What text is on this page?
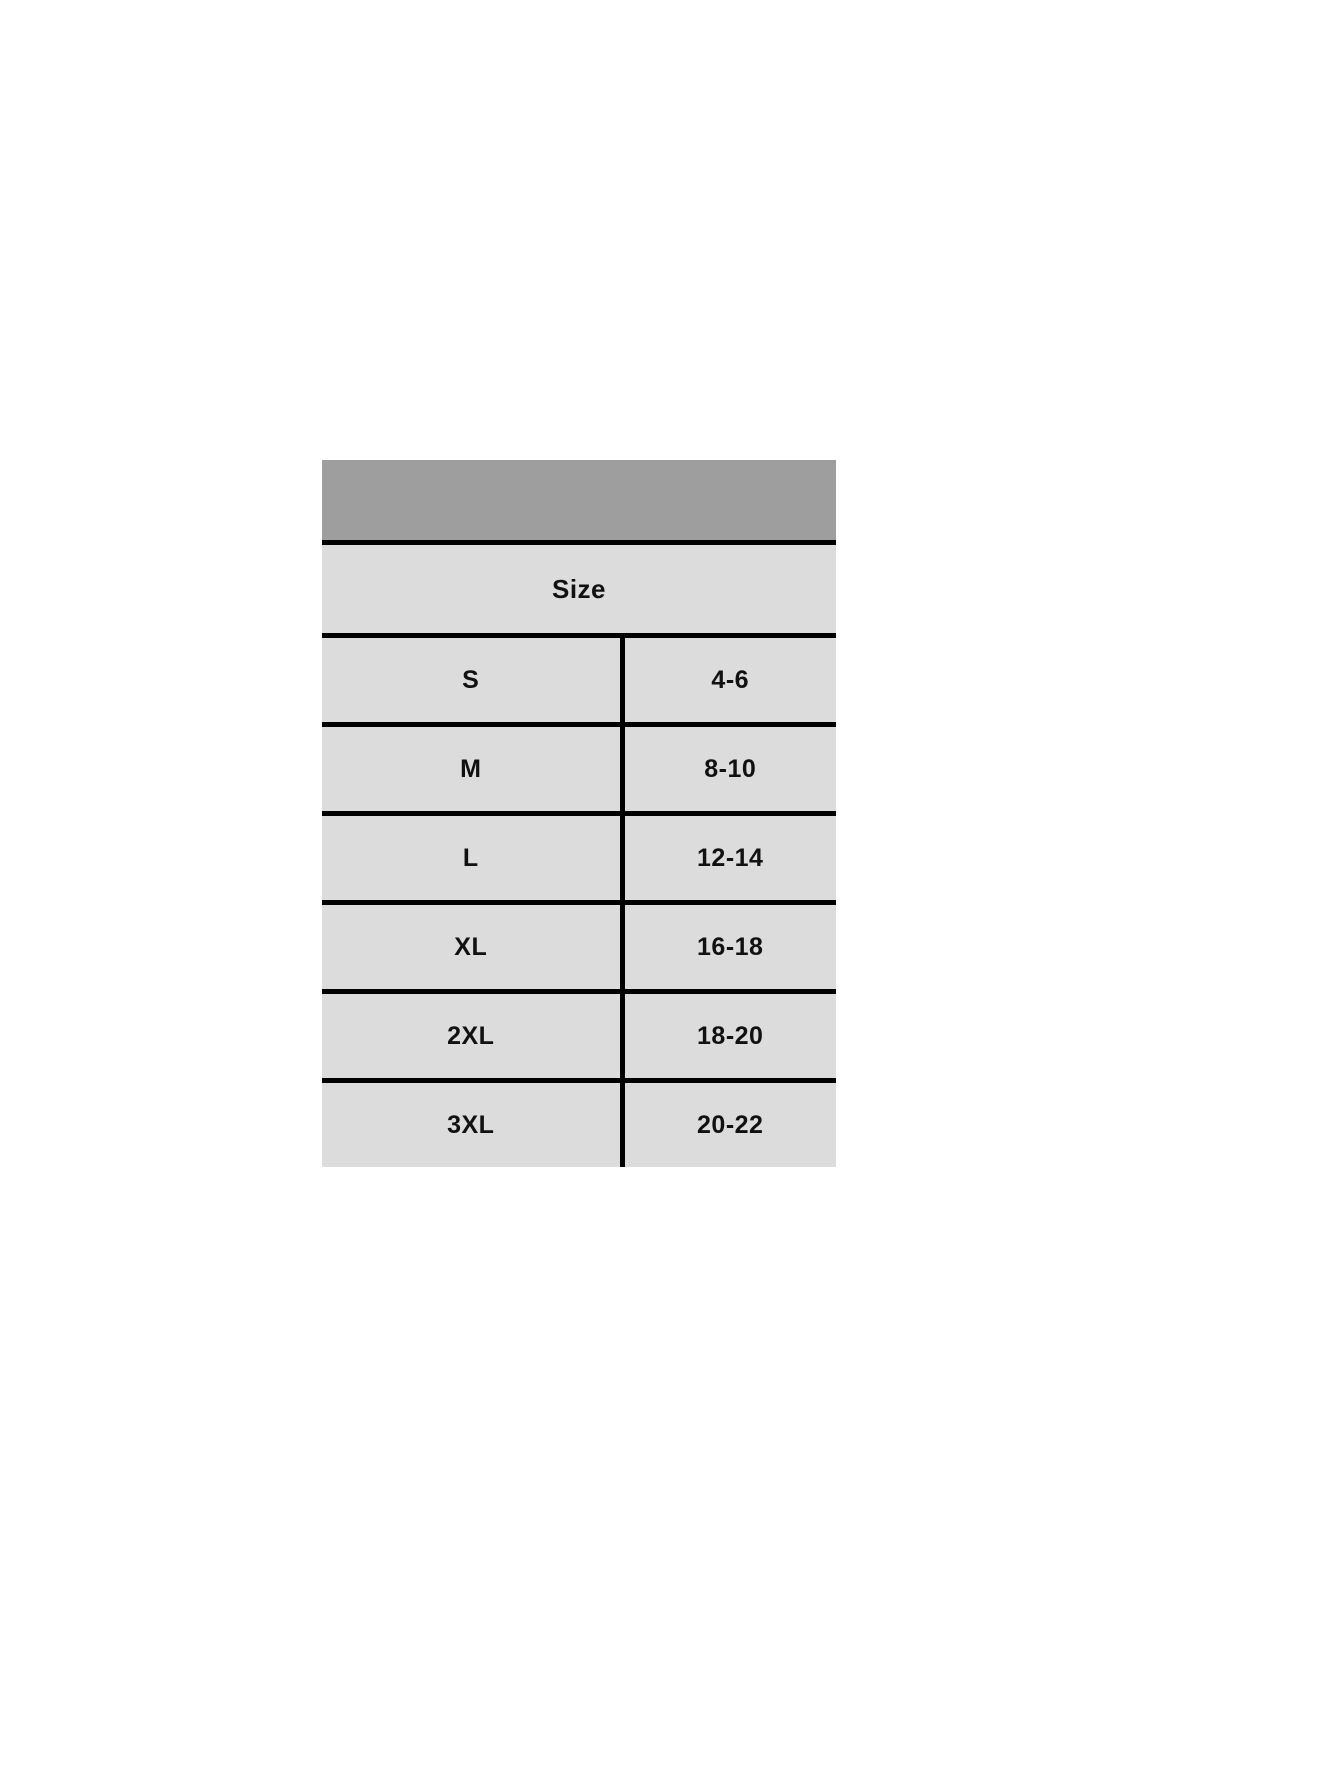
Size	
S	4-6
M	8-10
L	12-14
XL	16-18
2XL	18-20
3XL	20-22
